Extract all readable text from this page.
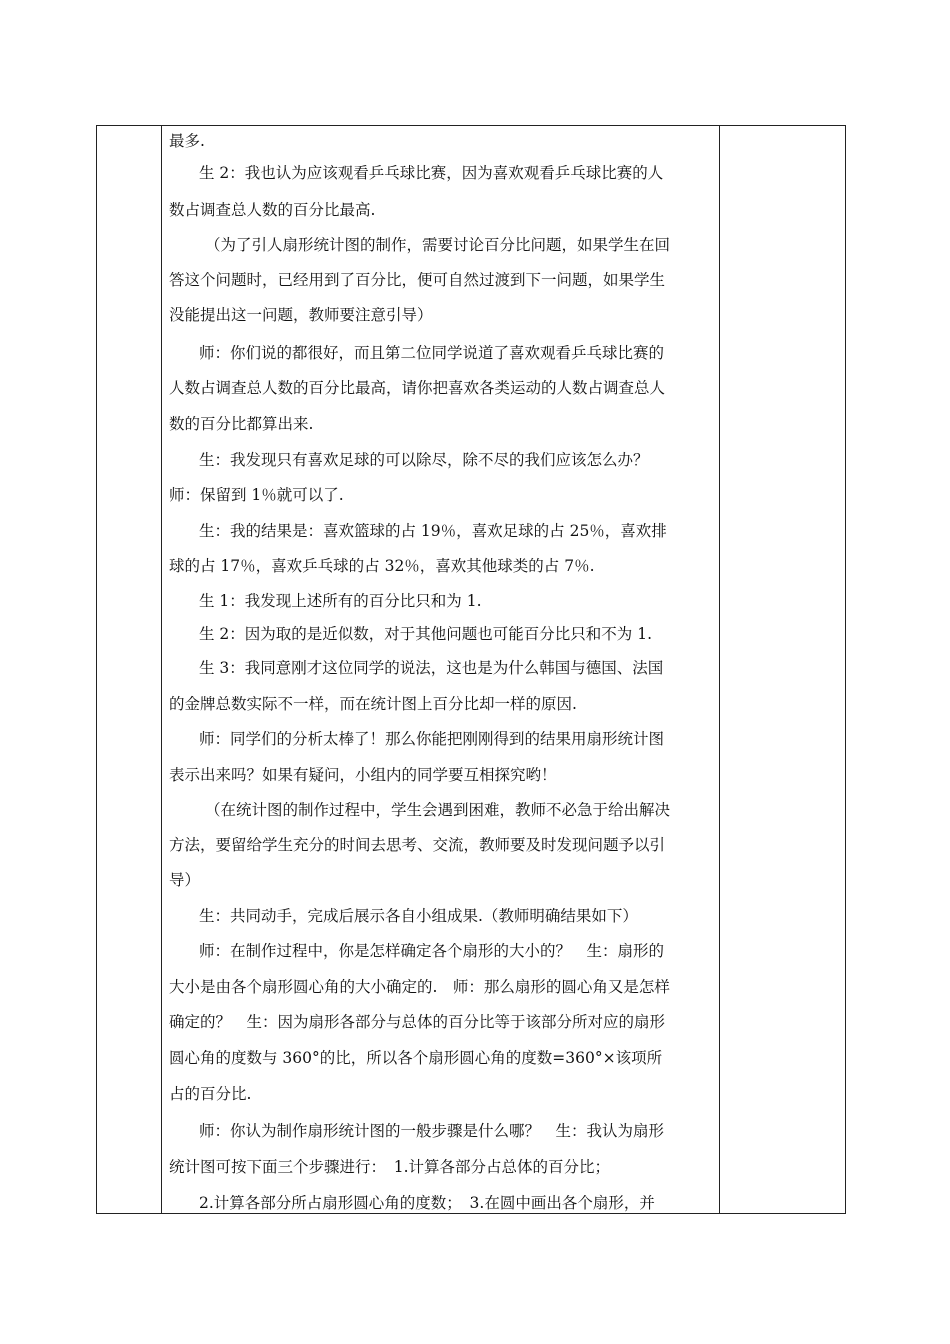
最多.
生 2：我也认为应该观看乒乓球比赛，因为喜欢观看乒乓球比赛的人
数占调查总人数的百分比最高.
（为了引人扇形统计图的制作，需要讨论百分比问题，如果学生在回
答这个问题时，已经用到了百分比，便可自然过渡到下一问题，如果学生
没能提出这一问题，教师要注意引导）
师：你们说的都很好，而且第二位同学说道了喜欢观看乒乓球比赛的
人数占调查总人数的百分比最高，请你把喜欢各类运动的人数占调查总人
数的百分比都算出来.
生：我发现只有喜欢足球的可以除尽，除不尽的我们应该怎么办？
师：保留到 1％就可以了.
生：我的结果是：喜欢篮球的占 19％，喜欢足球的占 25％，喜欢排
球的占 17％，喜欢乒乓球的占 32％，喜欢其他球类的占 7％.
生 1：我发现上述所有的百分比只和为 1.
生 2：因为取的是近似数，对于其他问题也可能百分比只和不为 1.
生 3：我同意刚才这位同学的说法，这也是为什么韩国与德国、法国
的金牌总数实际不一样，而在统计图上百分比却一样的原因.
师：同学们的分析太棒了！那么你能把刚刚得到的结果用扇形统计图
表示出来吗？如果有疑问，小组内的同学要互相探究哟！
（在统计图的制作过程中，学生会遇到困难，教师不必急于给出解决
方法，要留给学生充分的时间去思考、交流，教师要及时发现问题予以引
导）
生：共同动手，完成后展示各自小组成果.（教师明确结果如下）
师：在制作过程中，你是怎样确定各个扇形的大小的？　生：扇形的
大小是由各个扇形圆心角的大小确定的.　师：那么扇形的圆心角又是怎样
确定的？　生：因为扇形各部分与总体的百分比等于该部分所对应的扇形
圆心角的度数与 360°的比，所以各个扇形圆心角的度数=360°×该项所
占的百分比.
师：你认为制作扇形统计图的一般步骤是什么哪？　生：我认为扇形
统计图可按下面三个步骤进行：　1.计算各部分占总体的百分比；
2.计算各部分所占扇形圆心角的度数；　3.在圆中画出各个扇形，并
